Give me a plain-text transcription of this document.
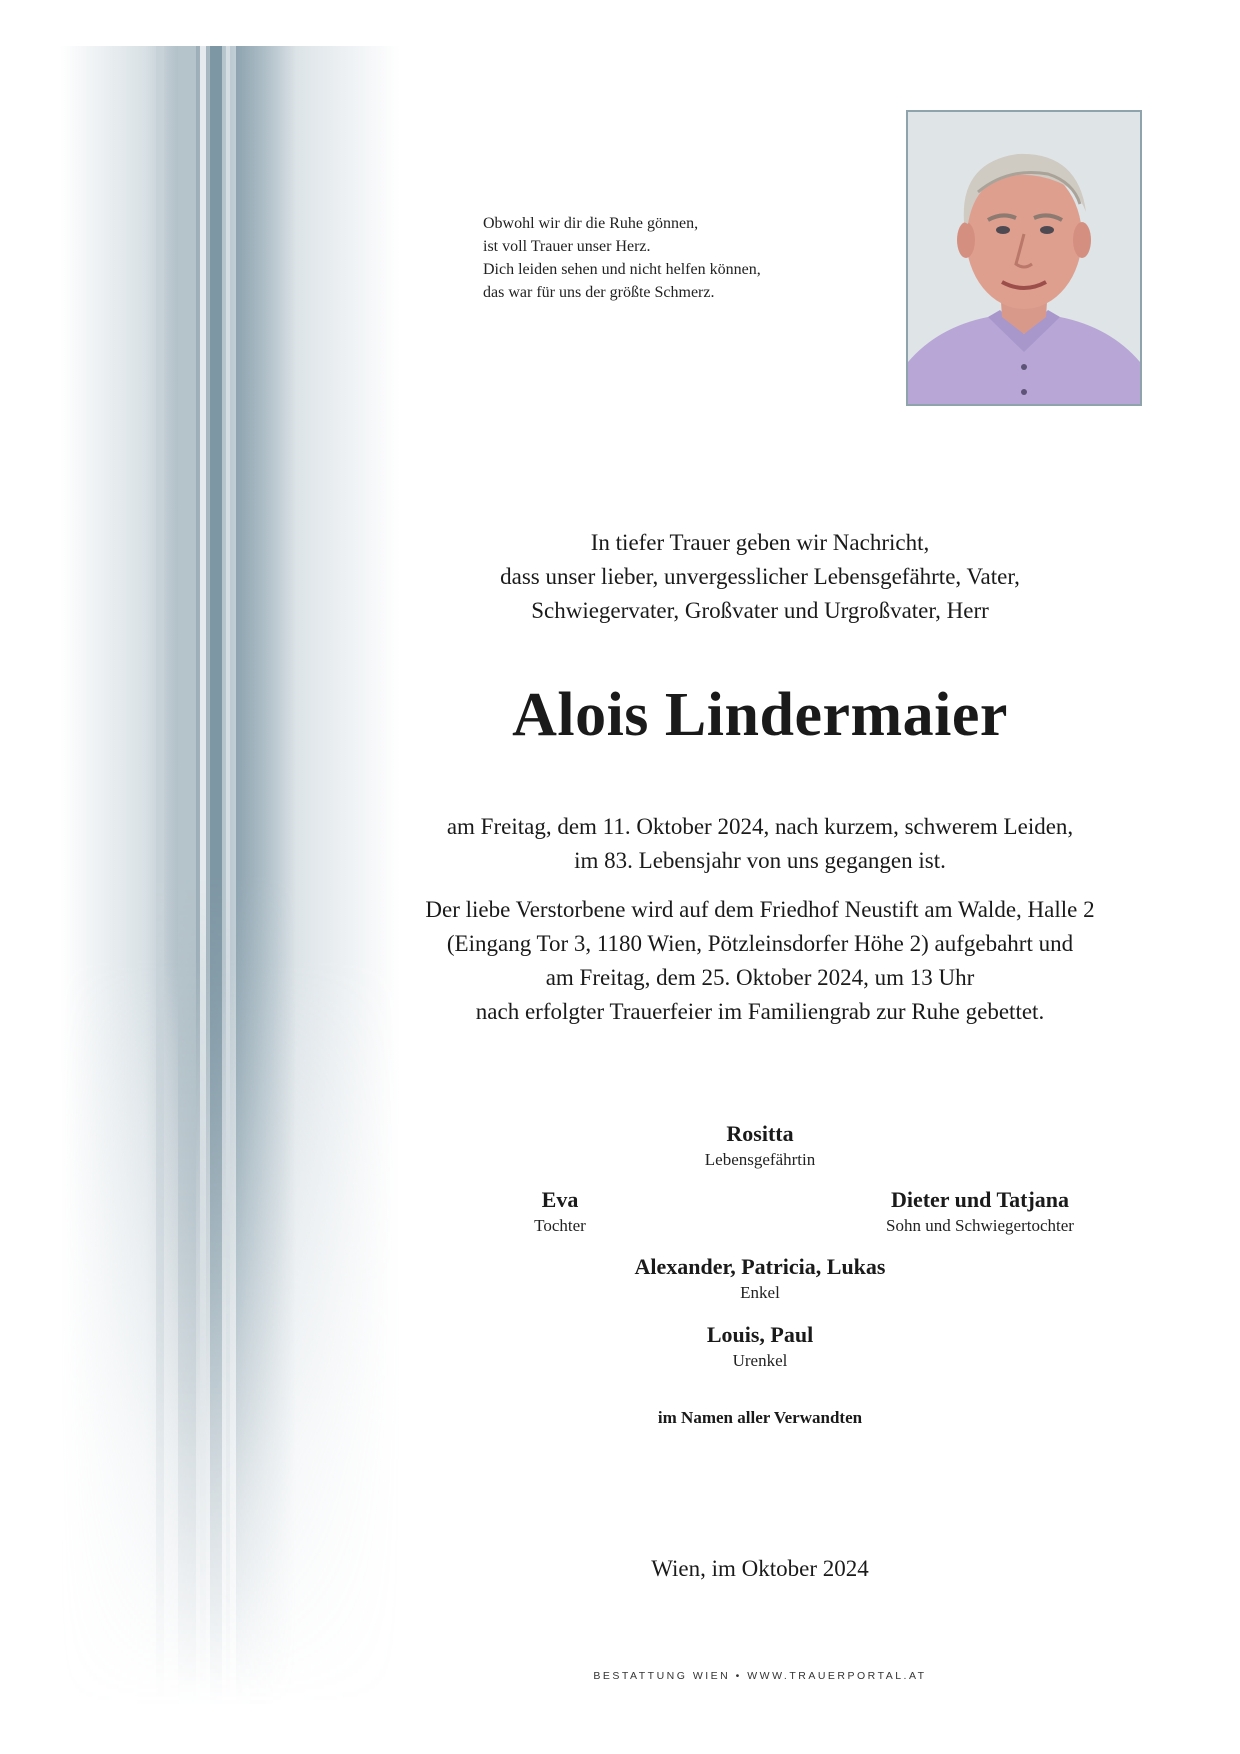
Obwohl wir dir die Ruhe gönnen,
ist voll Trauer unser Herz.
Dich leiden sehen und nicht helfen können,
das war für uns der größte Schmerz.
In tiefer Trauer geben wir Nachricht,
dass unser lieber, unvergesslicher Lebensgefährte, Vater,
Schwiegervater, Großvater und Urgroßvater, Herr
Alois Lindermaier
am Freitag, dem 11. Oktober 2024, nach kurzem, schwerem Leiden,
im 83. Lebensjahr von uns gegangen ist.
Der liebe Verstorbene wird auf dem Friedhof Neustift am Walde, Halle 2
(Eingang Tor 3, 1180 Wien, Pötzleinsdorfer Höhe 2) aufgebahrt und
am Freitag, dem 25. Oktober 2024, um 13 Uhr
nach erfolgter Trauerfeier im Familiengrab zur Ruhe gebettet.
Rositta
Lebensgefährtin
Eva
Tochter
Dieter und Tatjana
Sohn und Schwiegertochter
Alexander, Patricia, Lukas
Enkel
Louis, Paul
Urenkel
im Namen aller Verwandten
Wien, im Oktober 2024
BESTATTUNG WIEN • WWW.TRAUERPORTAL.AT
